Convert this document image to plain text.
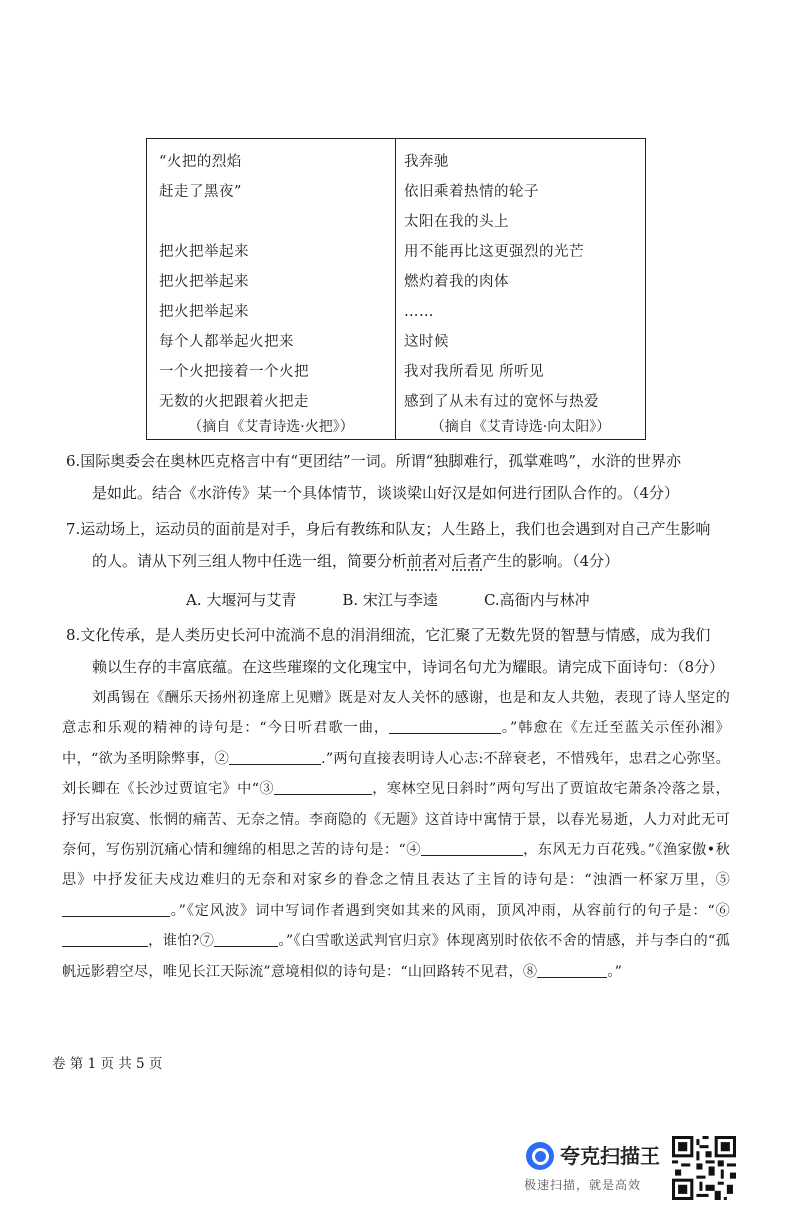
“火把的烈焰
赶走了黑夜”
把火把举起来
把火把举起来
把火把举起来
每个人都举起火把来
一个火把接着一个火把
无数的火把跟着火把走
（摘自《艾青诗选·火把》）
我奔驰
依旧乘着热情的轮子
太阳在我的头上
用不能再比这更强烈的光芒
燃灼着我的肉体
……
这时候
我对我所看见 所听见
感到了从未有过的宽怀与热爱
（摘自《艾青诗选·向太阳》）
6.国际奥委会在奥林匹克格言中有“更团结”一词。所谓“独脚难行，孤掌难鸣”，水浒的世界亦
是如此。结合《水浒传》某一个具体情节，谈谈梁山好汉是如何进行团队合作的。（4分）
7.运动场上，运动员的面前是对手，身后有教练和队友；人生路上，我们也会遇到对自己产生影响
的人。请从下列三组人物中任选一组，简要分析前者对后者产生的影响。（4分）
A. 大堰河与艾青	B. 宋江与李逵	C.高衙内与林冲
8.文化传承，是人类历史长河中流淌不息的涓涓细流，它汇聚了无数先贤的智慧与情感，成为我们
赖以生存的丰富底蕴。在这些璀璨的文化瑰宝中，诗词名句尤为耀眼。请完成下面诗句：（8分）
刘禹锡在《酬乐天扬州初逢席上见赠》既是对友人关怀的感谢，也是和友人共勉，表现了诗人坚定的意志和乐观的精神的诗句是：“今日听君歌一曲，	。”韩愈在《左迁至蓝关示侄孙湘》中，“欲为圣明除弊事，②	.”两句直接表明诗人心志:不辞衰老，不惜残年，忠君之心弥坚。刘长卿在《长沙过贾谊宅》中“③	，寒林空见日斜时”两句写出了贾谊故宅萧条冷落之景，抒写出寂寞、怅惘的痛苦、无奈之情。李商隐的《无题》这首诗中寓情于景，以春光易逝，人力对此无可奈何，写伤别沉痛心情和缠绵的相思之苦的诗句是：“④	，东风无力百花残。”《渔家傲•秋思》中抒发征夫戍边难归的无奈和对家乡的眷念之情且表达了主旨的诗句是：“浊酒一杯家万里，⑤。”《定风波》词中写词作者遇到突如其来的风雨，顶风冲雨，从容前行的句子是：“⑥，谁怕?⑦	。”《白雪歌送武判官归京》体现离别时依依不舍的情感，并与李白的“孤帆远影碧空尽，唯见长江天际流”意境相似的诗句是：“山回路转不见君，⑧	。”
卷 第 1 页 共 5 页
夸克扫描王
极速扫描，就是高效
